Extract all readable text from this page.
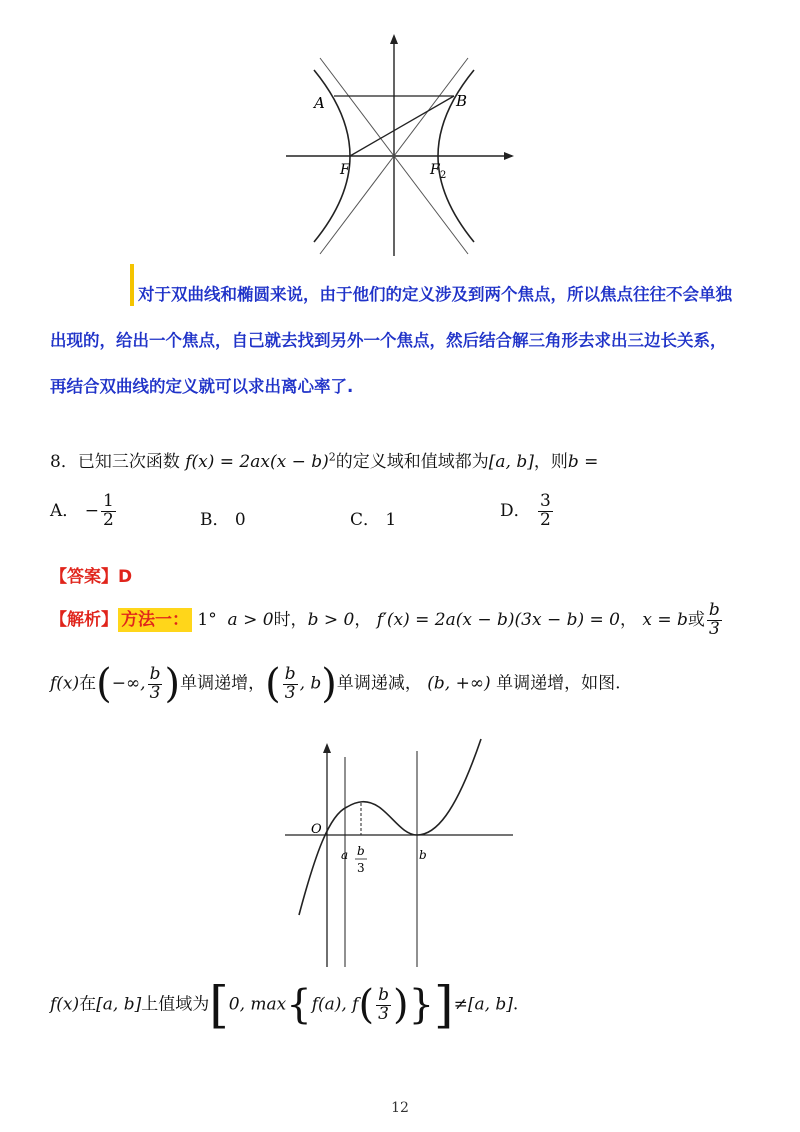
A	B
F	F 2
对于双曲线和椭圆来说，由于他们的定义涉及到两个焦点，所以焦点往往不会单独
出现的，给出一个焦点，自己就去找到另外一个焦点，然后结合解三角形去求出三边长关系，
再结合双曲线的定义就可以求出离心率了.
8．已知三次函数 $f(x) = 2ax(x - b)^2$的定义域和值域都为[a, b]，则b =
A． − $\frac{1}{2}$	B． 0	C． 1	D． $\frac{3}{2}$
【答案】D
【解析】 方法一： 1° a > 0时，b > 0， f′(x) = 2a(x − b)(3x − b) = 0， x = b或 $\frac{b}{3}$
f(x)在(−∞, $\frac{b}{3}$ )单调递增，( $\frac{b}{3}$ , b)单调递减， (b, +∞) 单调递增，如图.
O
a b
3
b
f(x)在[a, b]上值域为[0, max{f(a), $f( \frac{b}{3} )\}]\ne[a$, b].
12
